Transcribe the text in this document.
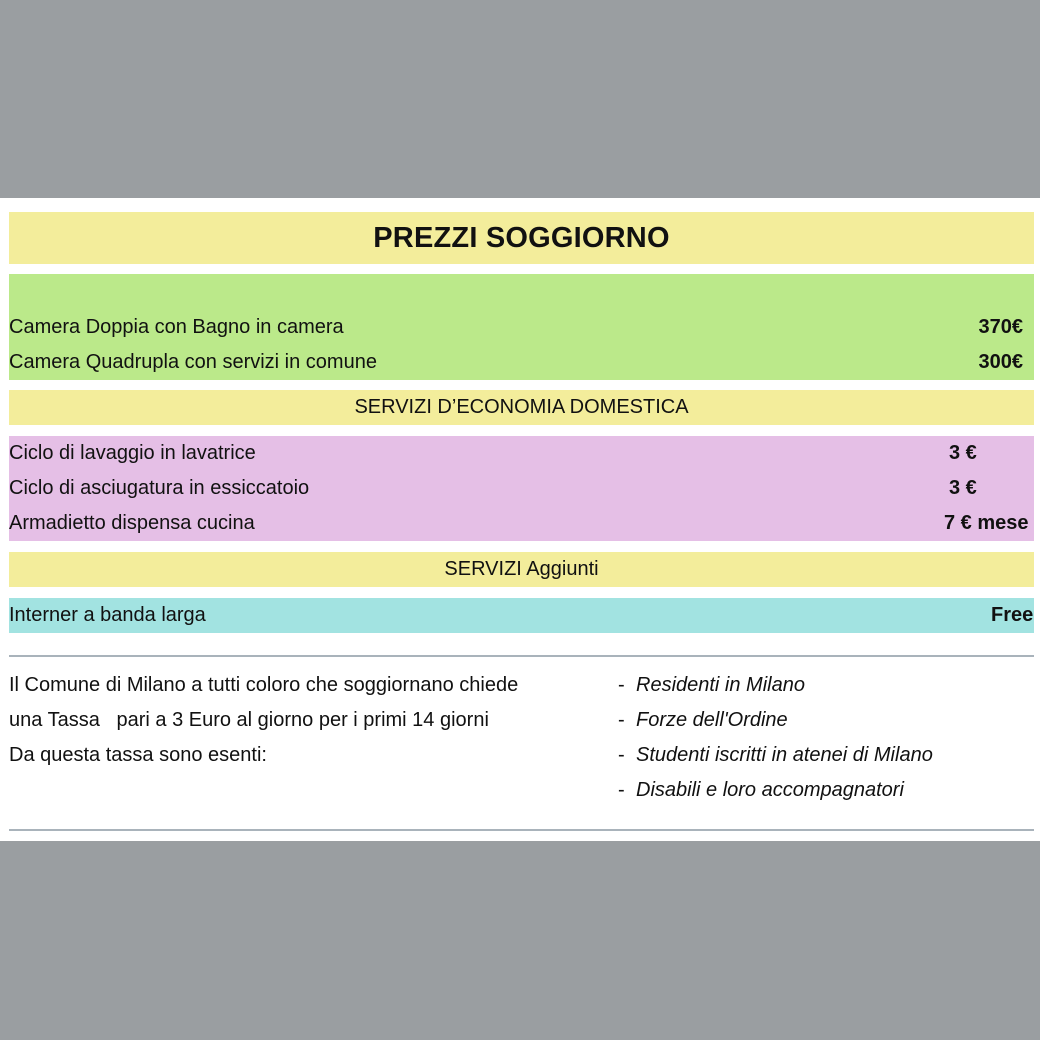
PREZZI SOGGIORNO
Camera Doppia con Bagno in camera	370€
Camera Quadrupla con servizi in comune	300€
SERVIZI D’ECONOMIA DOMESTICA
Ciclo di lavaggio in lavatrice	3 €
Ciclo di asciugatura in essiccatoio	3 €
Armadietto dispensa cucina	7 € mese
SERVIZI Aggiunti
Interner a banda larga	Free
Il Comune di Milano a tutti coloro che soggiornano chiede
una Tassa   pari a 3 Euro al giorno per i primi 14 giorni
Da questa tassa sono esenti:
- Residenti in Milano
- Forze dell'Ordine
- Studenti iscritti in atenei di Milano
- Disabili e loro accompagnatori
